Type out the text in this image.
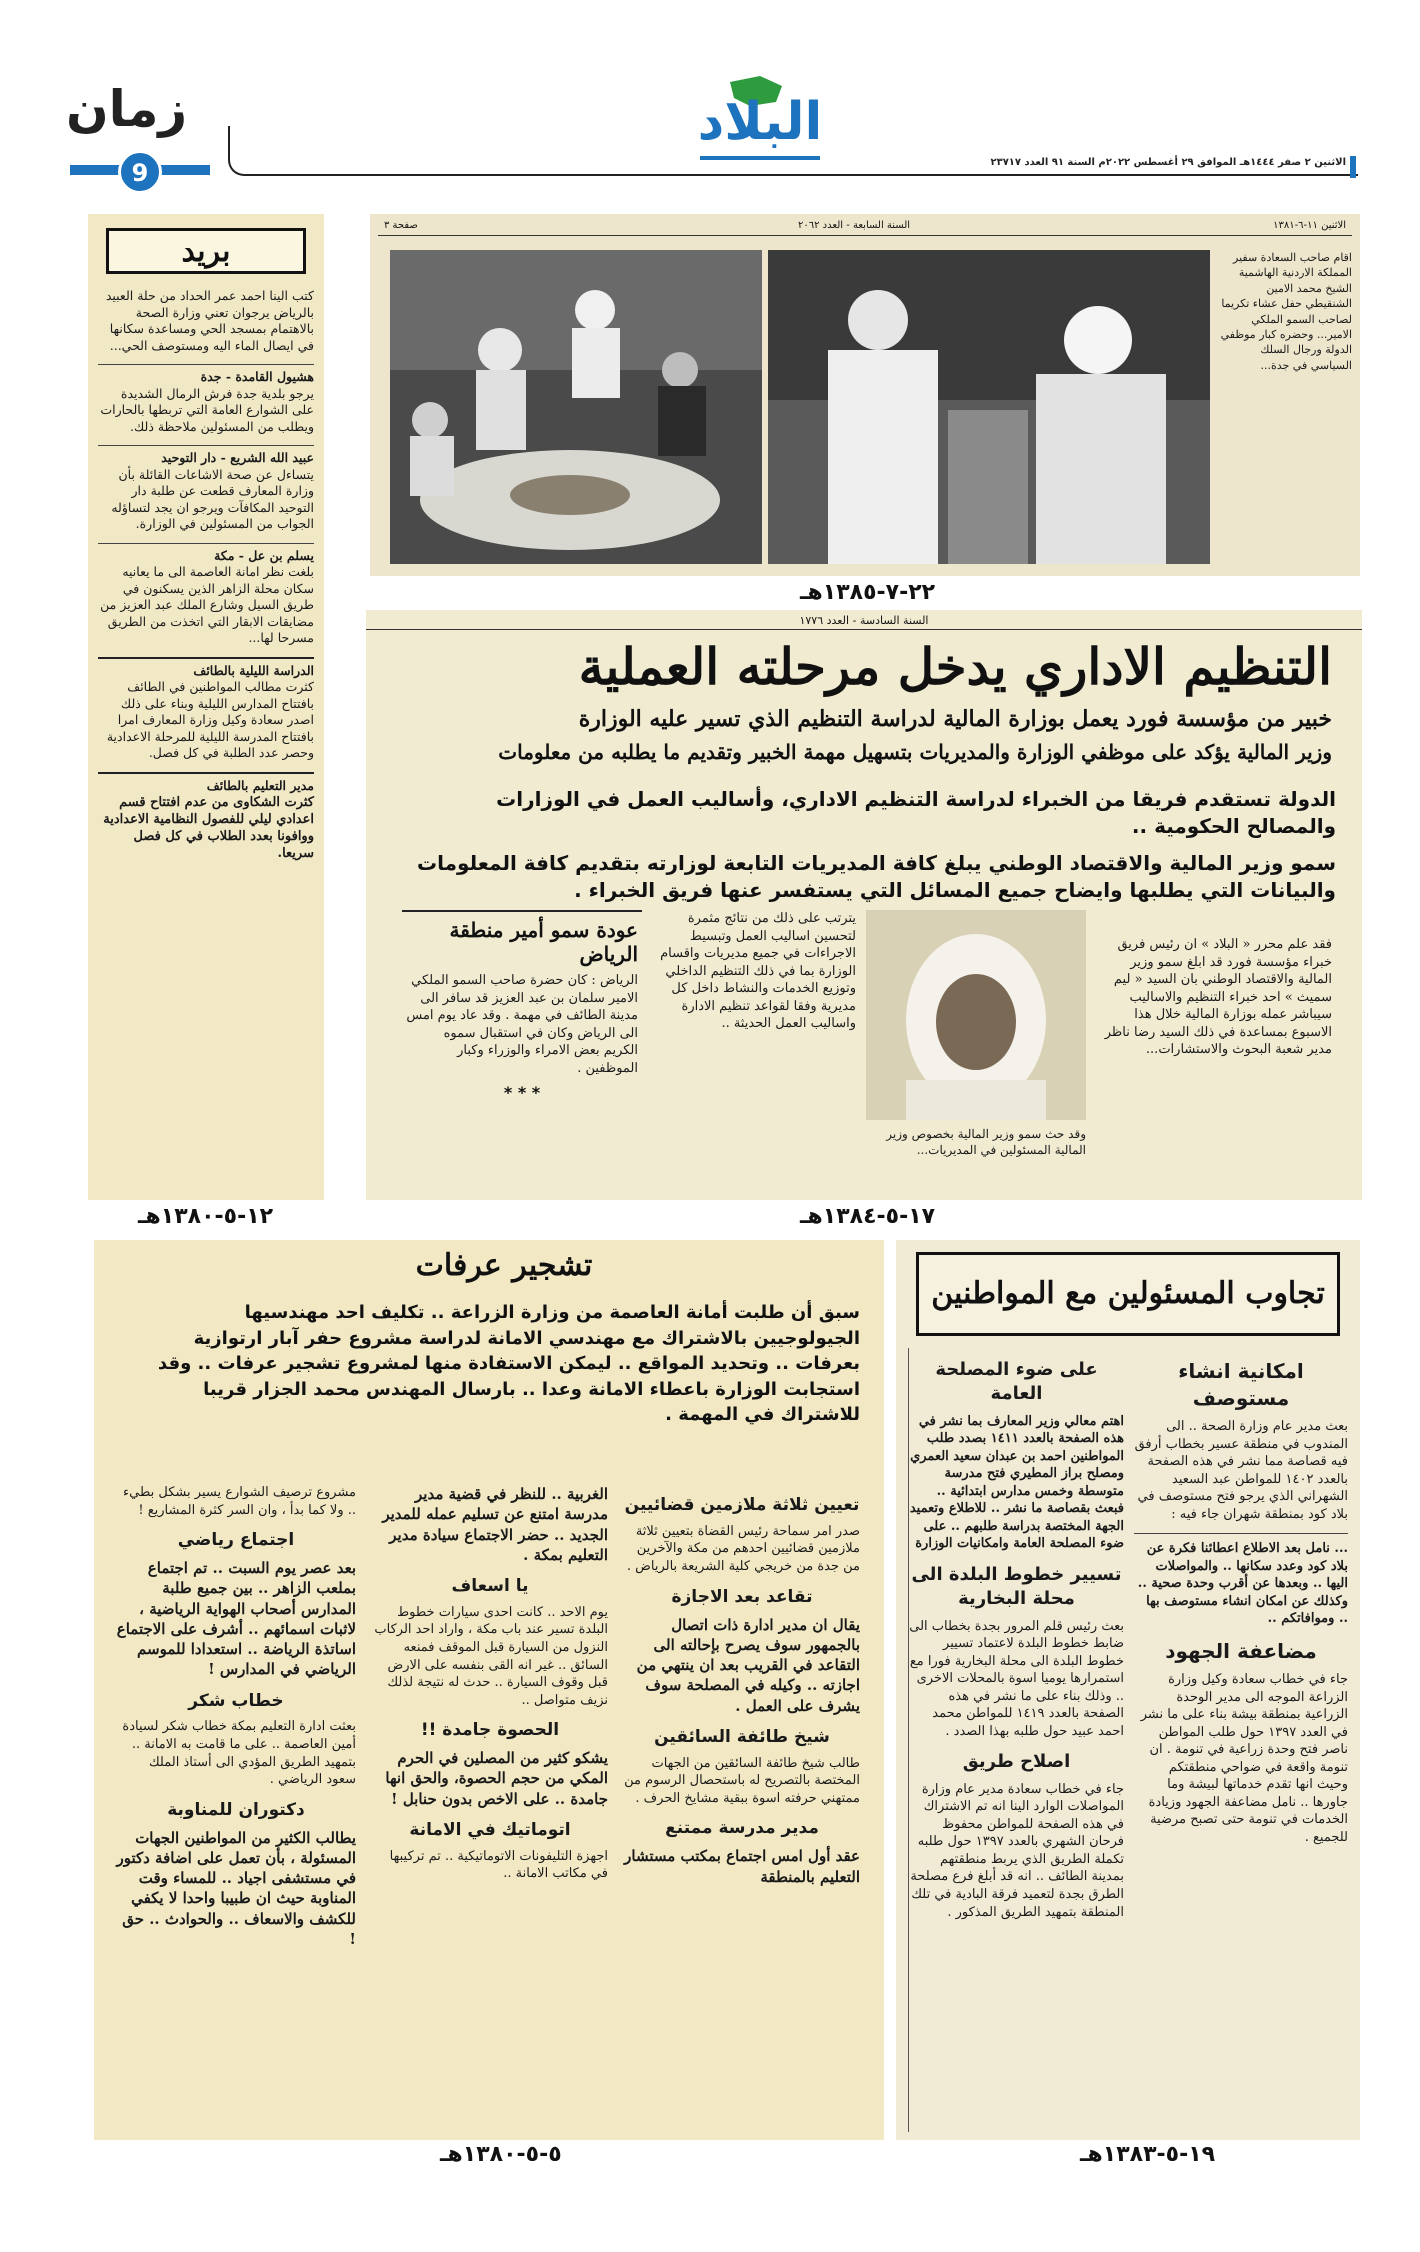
زمان
9	الاثنين ٢ صفر ١٤٤٤هـ الموافق ٢٩ أغسطس ٢٠٢٢م السنة ٩١ العدد ٢٣٧١٧
البلاد
بريد
كتب الينا احمد عمر الحداد من حلة العبيد بالرياض يرجوان تعني وزارة الصحة بالاهتمام بمسجد الحي ومساعدة سكانها في ايصال الماء اليه ومستوصف الحي...
هشيول القامدة - جدة
يرجو بلدية جدة فرش الرمال الشديدة على الشوارع العامة التي تربطها بالحارات ويطلب من المسئولين ملاحظة ذلك.
عبيد الله الشريع - دار التوحيد
يتساءل عن صحة الاشاعات القائلة بأن وزارة المعارف قطعت عن طلبة دار التوحيد المكافآت ويرجو ان يجد لتساؤله الجواب من المسئولين في الوزارة.
يسلم بن عل - مكة
بلغت نظر امانة العاصمة الى ما يعانيه سكان محلة الزاهر الذين يسكنون في طريق السيل وشارع الملك عبد العزيز من مضايقات الابقار التي اتخذت من الطريق مسرحا لها...
الدراسة الليلية بالطائف
كثرت مطالب المواطنين في الطائف بافتتاح المدارس الليلية وبناء على ذلك اصدر سعادة وكيل وزارة المعارف امرا بافتتاح المدرسة الليلية للمرحلة الاعدادية وحصر عدد الطلبة في كل فصل.
مدير التعليم بالطائف
كثرت الشكاوى من عدم افتتاح قسم اعدادي ليلي للفصول النظامية الاعدادية ووافونا بعدد الطلاب في كل فصل سريعا.
١٢-٥-١٣٨٠هـ
الاثنين ١١-٦-١٣٨١
السنة السابعة - العدد ٢٠٦٢
صفحة ٣
اقام صاحب السعادة سفير المملكة الاردنية الهاشمية الشيخ محمد الامين الشنقيطي حفل عشاء تكريما لصاحب السمو الملكي الامير... وحضره كبار موظفي الدولة ورجال السلك السياسي في جدة...
٢٢-٧-١٣٨٥هـ
السنة السادسة - العدد ١٧٧٦
التنظيم الاداري يدخل مرحلته العملية
خبير من مؤسسة فورد يعمل بوزارة المالية لدراسة التنظيم الذي تسير عليه الوزارة
وزير المالية يؤكد على موظفي الوزارة والمديريات بتسهيل مهمة الخبير وتقديم ما يطلبه من معلومات
الدولة تستقدم فريقا من الخبراء لدراسة التنظيم الاداري، وأساليب العمل في الوزارات والمصالح الحكومية ..
سمو وزير المالية والاقتصاد الوطني يبلغ كافة المديريات التابعة لوزارته بتقديم كافة المعلومات والبيانات التي يطلبها وايضاح جميع المسائل التي يستفسر عنها فريق الخبراء .
فقد علم محرر « البلاد » ان رئيس فريق خبراء مؤسسة فورد قد ابلغ سمو وزير المالية والاقتصاد الوطني بان السيد « ليم سميث » احد خبراء التنظيم والاساليب سيباشر عمله بوزارة المالية خلال هذا الاسبوع بمساعدة في ذلك السيد رضا ناظر مدير شعبة البحوث والاستشارات...
وقد حث سمو وزير المالية بخصوص وزير المالية المسئولين في المديريات...
يترتب على ذلك من نتائج مثمرة لتحسين اساليب العمل وتبسيط الاجراءات في جميع مديريات واقسام الوزارة بما في ذلك التنظيم الداخلي وتوزيع الخدمات والنشاط داخل كل مديرية وفقا لقواعد تنظيم الادارة واساليب العمل الحديثة ..
عودة سمو أمير منطقة الرياض
الرياض : كان حضرة صاحب السمو الملكي الامير سلمان بن عبد العزيز قد سافر الى مدينة الطائف في مهمة . وقد عاد يوم امس الى الرياض وكان في استقبال سموه الكريم بعض الامراء والوزراء وكبار الموظفين .
* * *
١٧-٥-١٣٨٤هـ
تشجير عرفات
سبق أن طلبت أمانة العاصمة من وزارة الزراعة .. تكليف احد مهندسيها الجيولوجيين بالاشتراك مع مهندسي الامانة لدراسة مشروع حفر آبار ارتوازية بعرفات .. وتحديد المواقع .. ليمكن الاستفادة منها لمشروع تشجير عرفات .. وقد استجابت الوزارة باعطاء الامانة وعدا .. بارسال المهندس محمد الجزار قريبا للاشتراك في المهمة .
تعيين ثلاثة ملازمين قضائيين
صدر امر سماحة رئيس القضاة بتعيين ثلاثة ملازمين قضائيين احدهم من مكة والآخرين من جدة من خريجي كلية الشريعة بالرياض .
تقاعد بعد الاجازة
يقال ان مدير ادارة ذات اتصال بالجمهور سوف يصرح بإحالته الى التقاعد في القريب بعد ان ينتهي من اجازته .. وكيله في المصلحة سوف يشرف على العمل .
شيخ طائفة السائقين
طالب شيخ طائفة السائقين من الجهات المختصة بالتصريح له باستحصال الرسوم من ممتهني حرفته اسوة ببقية مشايخ الحرف .
مدير مدرسة ممتنع
عقد أول امس اجتماع بمكتب مستشار التعليم بالمنطقة
الغربية .. للنظر في قضية مدير مدرسة امتنع عن تسليم عمله للمدير الجديد .. حضر الاجتماع سيادة مدير التعليم بمكة .
يا اسعاف
يوم الاحد .. كانت احدى سيارات خطوط البلدة تسير عند باب مكة ، واراد احد الركاب النزول من السيارة قبل الموقف فمنعه السائق .. غير انه القى بنفسه على الارض قبل وقوف السيارة .. حدث له نتيجة لذلك نزيف متواصل ..
الحصوة جامدة !!
يشكو كثير من المصلين في الحرم المكي من حجم الحصوة، والحق انها جامدة .. على الاخص بدون حنابل !
اتوماتيك في الامانة
اجهزة التليفونات الاتوماتيكية .. تم تركيبها في مكاتب الامانة ..
مشروع ترصيف الشوارع يسير بشكل بطيء .. ولا كما بدأ ، وان السر كثرة المشاريع !
اجتماع رياضي
بعد عصر يوم السبت .. تم اجتماع بملعب الزاهر .. بين جميع طلبة المدارس أصحاب الهواية الرياضية ، لاثبات اسمائهم .. أشرف على الاجتماع اساتذة الرياضة .. استعدادا للموسم الرياضي في المدارس !
خطاب شكر
بعثت ادارة التعليم بمكة خطاب شكر لسيادة أمين العاصمة .. على ما قامت به الامانة .. بتمهيد الطريق المؤدي الى أستاذ الملك سعود الرياضي .
دكتوران للمناوبة
يطالب الكثير من المواطنين الجهات المسئولة ، بأن تعمل على اضافة دكتور في مستشفى اجياد .. للمساء وقت المناوبة حيث ان طبيبا واحدا لا يكفي للكشف والاسعاف .. والحوادث .. حق !
٥-٥-١٣٨٠هـ
تجاوب المسئولين مع المواطنين
امكانية انشاء مستوصف
بعث مدير عام وزارة الصحة .. الى المندوب في منطقة عسير بخطاب أرفق فيه قصاصة مما نشر في هذه الصفحة بالعدد ١٤٠٢ للمواطن عبد السعيد الشهراني الذي يرجو فتح مستوصف في بلاد كود بمنطقة شهران جاء فيه :
... نامل بعد الاطلاع اعطائنا فكرة عن بلاد كود وعدد سكانها .. والمواصلات اليها .. وبعدها عن أقرب وحدة صحية .. وكذلك عن امكان انشاء مستوصف بها .. وموافاتكم ..
مضاعفة الجهود
جاء في خطاب سعادة وكيل وزارة الزراعة الموجه الى مدير الوحدة الزراعية بمنطقة بيشة بناء على ما نشر في العدد ١٣٩٧ حول طلب المواطن ناصر فتح وحدة زراعية في تنومة . ان تنومة واقعة في ضواحي منطقتكم وحيث انها تقدم خدماتها لبيشة وما جاورها .. نامل مضاعفة الجهود وزيادة الخدمات في تنومة حتى تصبح مرضية للجميع .
على ضوء المصلحة العامة
اهتم معالي وزير المعارف بما نشر في هذه الصفحة بالعدد ١٤١١ بصدد طلب المواطنين احمد بن عبدان سعيد العمري ومصلح براز المطيري فتح مدرسة متوسطة وخمس مدارس ابتدائية .. فبعث بقصاصة ما نشر .. للاطلاع وتعميد الجهة المختصة بدراسة طلبهم .. على ضوء المصلحة العامة وامكانيات الوزارة
تسيير خطوط البلدة الى محلة البخارية
بعث رئيس قلم المرور بجدة بخطاب الى ضابط خطوط البلدة لاعتماد تسيير خطوط البلدة الى محلة البخارية فورا مع استمرارها يوميا اسوة بالمحلات الاخرى .. وذلك بناء على ما نشر في هذه الصفحة بالعدد ١٤١٩ للمواطن محمد احمد عبيد حول طلبه بهذا الصدد .
اصلاح طريق
جاء في خطاب سعادة مدير عام وزارة المواصلات الوارد الينا انه تم الاشتراك في هذه الصفحة للمواطن محفوظ فرحان الشهري بالعدد ١٣٩٧ حول طلبه تكملة الطريق الذي يربط منطقتهم بمدينة الطائف .. انه قد أبلغ فرع مصلحة الطرق بجدة لتعميد فرقة البادية في تلك المنطقة بتمهيد الطريق المذكور .
١٩-٥-١٣٨٣هـ
